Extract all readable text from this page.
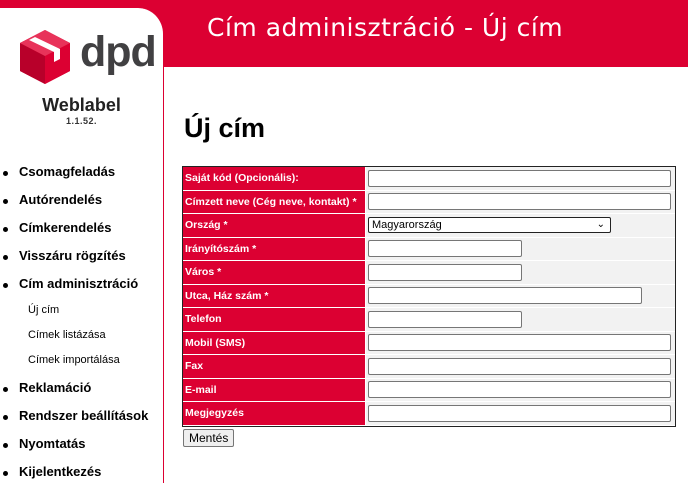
Cím adminisztráció - Új cím
dpd
Weblabel
1.1.52.
Csomagfeladás
Autórendelés
Címkerendelés
Visszáru rögzítés
Cím adminisztráció
Új cím
Címek listázása
Címek importálása
Reklamáció
Rendszer beállítások
Nyomtatás
Kijelentkezés
Új cím
Saját kód (Opcionális):	

Címzett neve (Cég neve, kontakt) *	

Ország *	Magyarország ⌄

Irányítószám *	

Város *	

Utca, Ház szám *	

Telefon	

Mobil (SMS)	

Fax	

E-mail	

Megjegyzés	
Mentés
